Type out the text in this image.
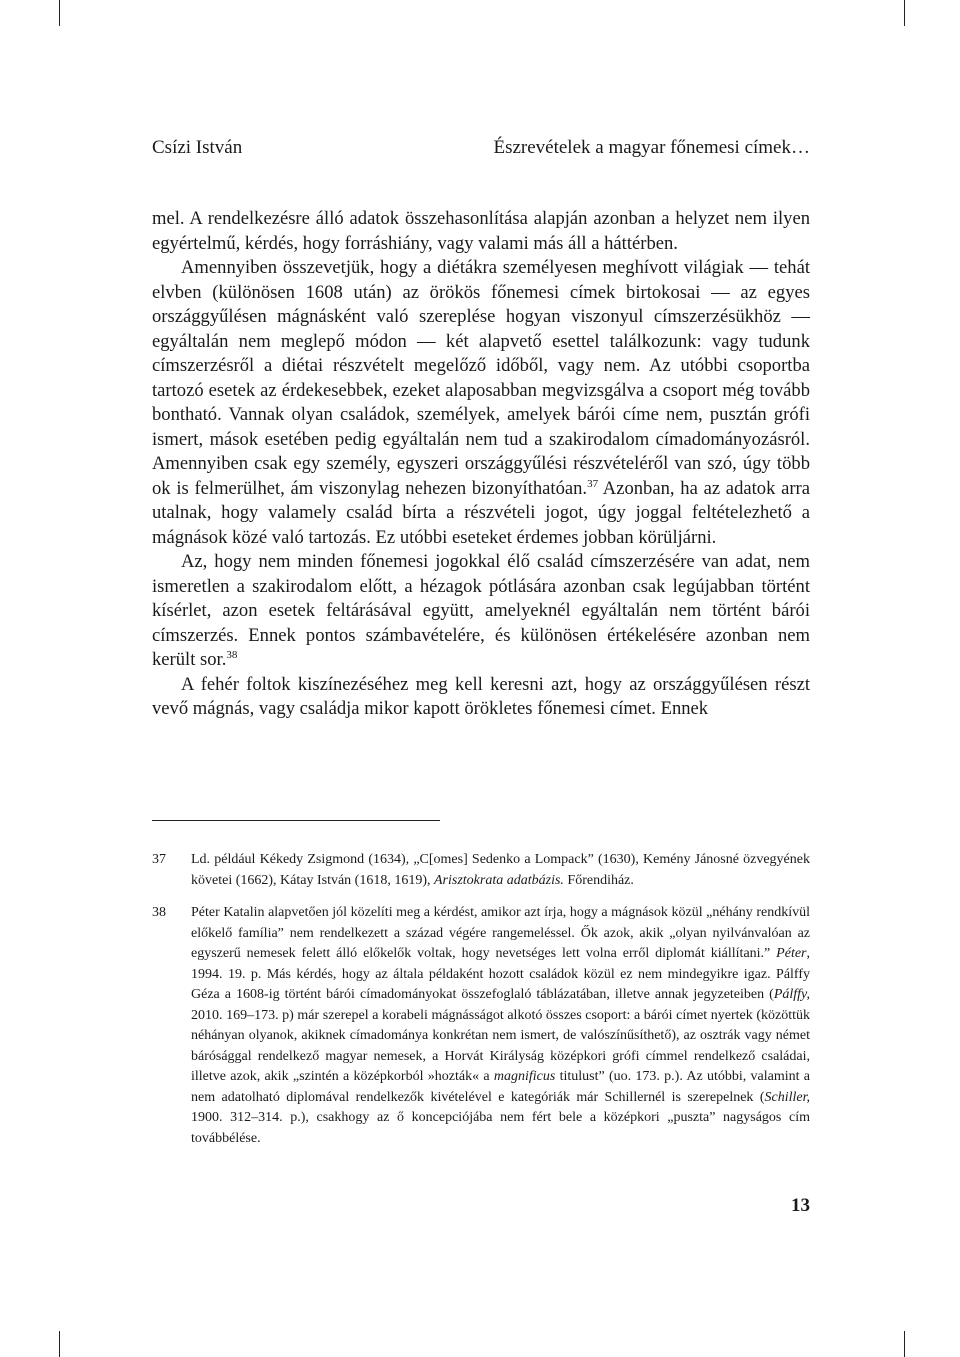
Csízi István	Észrevételek a magyar főnemesi címek…

mel. A rendelkezésre álló adatok összehasonlítása alapján azonban a helyzet nem ilyen egyértelmű, kérdés, hogy forráshiány, vagy valami más áll a háttérben.

Amennyiben összevetjük, hogy a diétákra személyesen meghívott világiak — tehát elvben (különösen 1608 után) az örökös főnemesi címek birtokosai — az egyes országgyűlésen mágnásként való szereplése hogyan viszonyul címszerzésükhöz — egyáltalán nem meglepő módon — két alapvető esettel találkozunk: vagy tudunk címszerzésről a diétai részvételt megelőző időből, vagy nem. Az utóbbi csoportba tartozó esetek az érdekesebbek, ezeket alaposabban megvizsgálva a csoport még tovább bontható. Vannak olyan családok, személyek, amelyek bárói címe nem, pusztán grófi ismert, mások esetében pedig egyáltalán nem tud a szakirodalom címadományozásról. Amennyiben csak egy személy, egyszeri országgyűlési részvételéről van szó, úgy több ok is felmerülhet, ám viszonylag nehezen bizonyíthatóan.$^{37}$ Azonban, ha az adatok arra utalnak, hogy valamely család bírta a részvételi jogot, úgy joggal feltételezhető a mágnások közé való tartozás. Ez utóbbi eseteket érdemes jobban körüljárni.

Az, hogy nem minden főnemesi jogokkal élő család címszerzésére van adat, nem ismeretlen a szakirodalom előtt, a hézagok pótlására azonban csak legújabban történt kísérlet, azon esetek feltárásával együtt, amelyeknél egyáltalán nem történt bárói címszerzés. Ennek pontos számbavételére, és különösen értékelésére azonban nem került sor.$^{38}$

A fehér foltok kiszínezéséhez meg kell keresni azt, hogy az országgyűlésen részt vevő mágnás, vagy családja mikor kapott örökletes főnemesi címet. Ennek

37	Ld. például Kékedy Zsigmond (1634), „C[omes] Sedenko a Lompack” (1630), Kemény Jánosné özvegyének követei (1662), Kátay István (1618, 1619), Arisztokrata adatbázis. Főrendiház.
38	Péter Katalin alapvetően jól közelíti meg a kérdést, amikor azt írja, hogy a mágnások közül „néhány rendkívül előkelő família” nem rendelkezett a század végére rangemeléssel. Ők azok, akik „olyan nyilvánvalóan az egyszerű nemesek felett álló előkelők voltak, hogy nevetséges lett volna erről diplomát kiállítani.” Péter, 1994. 19. p. Más kérdés, hogy az általa példaként hozott családok közül ez nem mindegyikre igaz. Pálffy Géza a 1608-ig történt bárói címadományokat összefoglaló táblázatában, illetve annak jegyzeteiben (Pálffy, 2010. 169–173. p) már szerepel a korabeli mágnásságot alkotó összes csoport: a bárói címet nyertek (közöttük néhányan olyanok, akiknek címadománya konkrétan nem ismert, de valószínűsíthető), az osztrák vagy német bárósággal rendelkező magyar nemesek, a Horvát Királyság középkori grófi címmel rendelkező családai, illetve azok, akik „szintén a középkorból »hozták« a magnificus titulust” (uo. 173. p.). Az utóbbi, valamint a nem adatolható diplomával rendelkezők kivételével e kategóriák már Schillernél is szerepelnek (Schiller, 1900. 312–314. p.), csakhogy az ő koncepciójába nem fért bele a középkori „puszta” nagyságos cím továbbélése.
13
